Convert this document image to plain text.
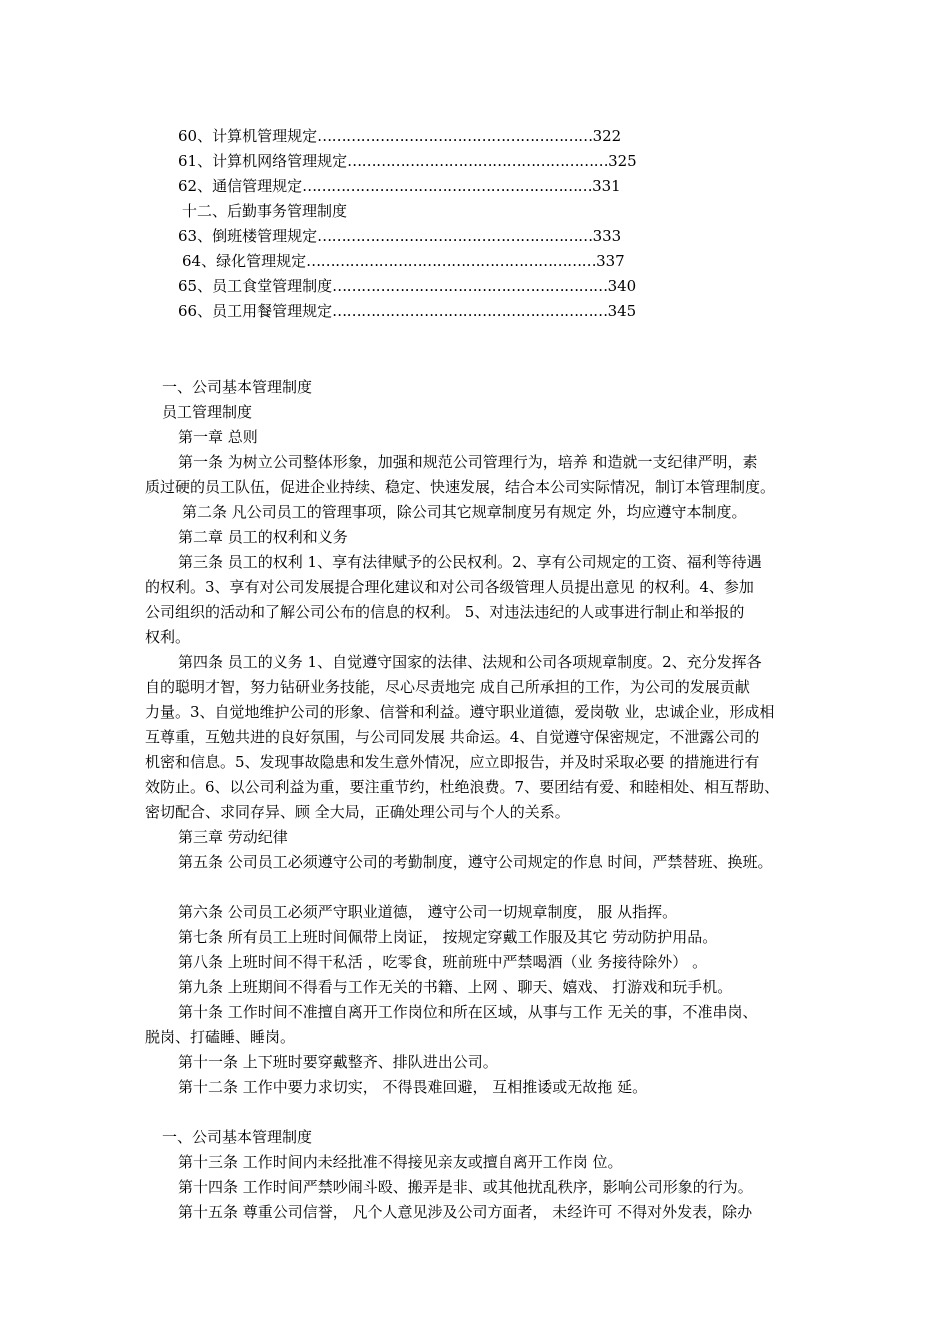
60、计算机管理规定…………………………………………………322
61、计算机网络管理规定………………………………………………325
62、通信管理规定……………………………………………………331
十二、后勤事务管理制度
63、倒班楼管理规定…………………………………………………333
64、绿化管理规定……………………………………………………337
65、员工食堂管理制度…………………………………………………340
66、员工用餐管理规定…………………………………………………345
一、公司基本管理制度
员工管理制度
第一章 总则
第一条 为树立公司整体形象，加强和规范公司管理行为，培养 和造就一支纪律严明，素
质过硬的员工队伍，促进企业持续、稳定、快速发展，结合本公司实际情况，制订本管理制度。
第二条 凡公司员工的管理事项，除公司其它规章制度另有规定 外，均应遵守本制度。
第二章 员工的权利和义务
第三条 员工的权利 1、享有法律赋予的公民权利。2、享有公司规定的工资、福利等待遇
的权利。3、享有对公司发展提合理化建议和对公司各级管理人员提出意见 的权利。4、参加
公司组织的活动和了解公司公布的信息的权利。 5、对违法违纪的人或事进行制止和举报的
权利。
第四条 员工的义务 1、自觉遵守国家的法律、法规和公司各项规章制度。2、充分发挥各
自的聪明才智，努力钻研业务技能，尽心尽责地完 成自己所承担的工作，为公司的发展贡献
力量。3、自觉地维护公司的形象、信誉和利益。遵守职业道德，爱岗敬 业，忠诚企业，形成相
互尊重，互勉共进的良好氛围，与公司同发展 共命运。4、自觉遵守保密规定，不泄露公司的
机密和信息。5、发现事故隐患和发生意外情况，应立即报告，并及时采取必要 的措施进行有
效防止。6、以公司利益为重，要注重节约，杜绝浪费。7、要团结有爱、和睦相处、相互帮助、
密切配合、求同存异、顾 全大局，正确处理公司与个人的关系。
第三章 劳动纪律
第五条 公司员工必须遵守公司的考勤制度，遵守公司规定的作息 时间，严禁替班、换班。
第六条 公司员工必须严守职业道德， 遵守公司一切规章制度， 服 从指挥。
第七条 所有员工上班时间佩带上岗证， 按规定穿戴工作服及其它 劳动防护用品。
第八条 上班时间不得干私活 ，吃零食，班前班中严禁喝酒（业 务接待除外） 。
第九条 上班期间不得看与工作无关的书籍、上网 、聊天、嬉戏、 打游戏和玩手机。
第十条 工作时间不准擅自离开工作岗位和所在区域，从事与工作 无关的事，不准串岗、
脱岗、打磕睡、睡岗。
第十一条 上下班时要穿戴整齐、排队进出公司。
第十二条 工作中要力求切实， 不得畏难回避， 互相推诿或无故拖 延。
一、公司基本管理制度
第十三条 工作时间内未经批准不得接见亲友或擅自离开工作岗 位。
第十四条 工作时间严禁吵闹斗殴、搬弄是非、或其他扰乱秩序，影响公司形象的行为。
第十五条 尊重公司信誉， 凡个人意见涉及公司方面者， 未经许可 不得对外发表，除办
